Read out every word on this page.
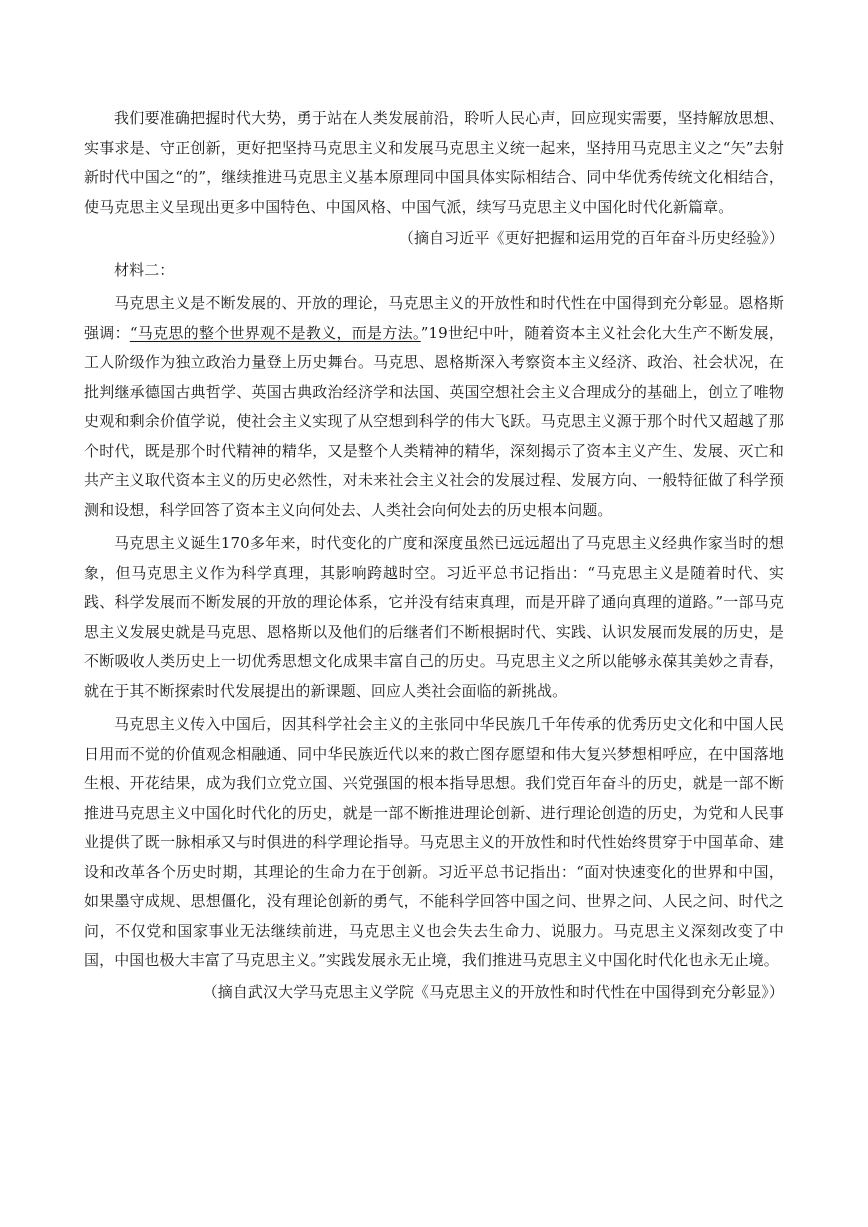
我们要准确把握时代大势，勇于站在人类发展前沿，聆听人民心声，回应现实需要，坚持解放思想、实事求是、守正创新，更好把坚持马克思主义和发展马克思主义统一起来，坚持用马克思主义之“矢”去射新时代中国之“的”，继续推进马克思主义基本原理同中国具体实际相结合、同中华优秀传统文化相结合，使马克思主义呈现出更多中国特色、中国风格、中国气派，续写马克思主义中国化时代化新篇章。

（摘自习近平《更好把握和运用党的百年奋斗历史经验》）

材料二：

马克思主义是不断发展的、开放的理论，马克思主义的开放性和时代性在中国得到充分彰显。恩格斯强调：“马克思的整个世界观不是教义，而是方法。”19世纪中叶，随着资本主义社会化大生产不断发展，工人阶级作为独立政治力量登上历史舞台。马克思、恩格斯深入考察资本主义经济、政治、社会状况，在批判继承德国古典哲学、英国古典政治经济学和法国、英国空想社会主义合理成分的基础上，创立了唯物史观和剩余价值学说，使社会主义实现了从空想到科学的伟大飞跃。马克思主义源于那个时代又超越了那个时代，既是那个时代精神的精华，又是整个人类精神的精华，深刻揭示了资本主义产生、发展、灭亡和共产主义取代资本主义的历史必然性，对未来社会主义社会的发展过程、发展方向、一般特征做了科学预测和设想，科学回答了资本主义向何处去、人类社会向何处去的历史根本问题。

马克思主义诞生170多年来，时代变化的广度和深度虽然已远远超出了马克思主义经典作家当时的想象，但马克思主义作为科学真理，其影响跨越时空。习近平总书记指出：“马克思主义是随着时代、实践、科学发展而不断发展的开放的理论体系，它并没有结束真理，而是开辟了通向真理的道路。”一部马克思主义发展史就是马克思、恩格斯以及他们的后继者们不断根据时代、实践、认识发展而发展的历史，是不断吸收人类历史上一切优秀思想文化成果丰富自己的历史。马克思主义之所以能够永葆其美妙之青春，就在于其不断探索时代发展提出的新课题、回应人类社会面临的新挑战。

马克思主义传入中国后，因其科学社会主义的主张同中华民族几千年传承的优秀历史文化和中国人民日用而不觉的价值观念相融通、同中华民族近代以来的救亡图存愿望和伟大复兴梦想相呼应，在中国落地生根、开花结果，成为我们立党立国、兴党强国的根本指导思想。我们党百年奋斗的历史，就是一部不断推进马克思主义中国化时代化的历史，就是一部不断推进理论创新、进行理论创造的历史，为党和人民事业提供了既一脉相承又与时俱进的科学理论指导。马克思主义的开放性和时代性始终贯穿于中国革命、建设和改革各个历史时期，其理论的生命力在于创新。习近平总书记指出：“面对快速变化的世界和中国，如果墨守成规、思想僵化，没有理论创新的勇气，不能科学回答中国之问、世界之问、人民之问、时代之问，不仅党和国家事业无法继续前进，马克思主义也会失去生命力、说服力。马克思主义深刻改变了中国，中国也极大丰富了马克思主义。”实践发展永无止境，我们推进马克思主义中国化时代化也永无止境。

（摘自武汉大学马克思主义学院《马克思主义的开放性和时代性在中国得到充分彰显》）
